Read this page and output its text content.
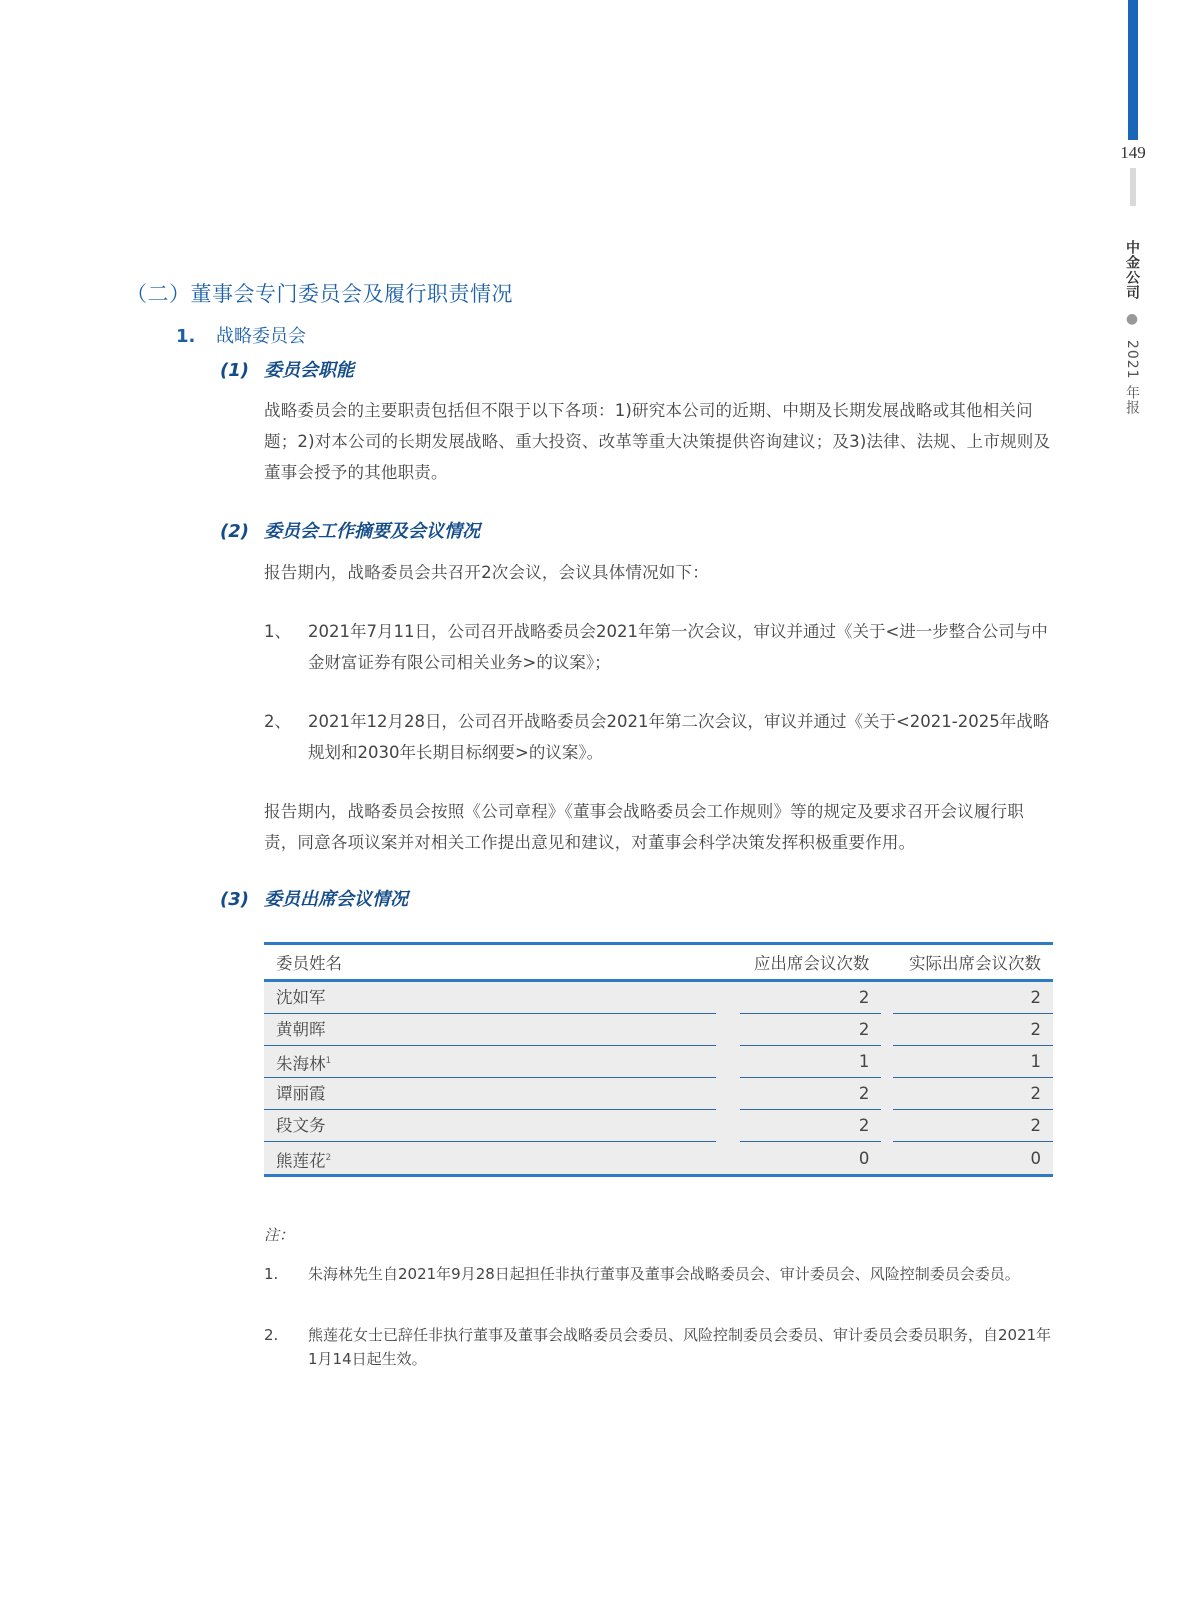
149
中金公司 ● 2021 年报
（二）董事会专门委员会及履行职责情况
1. 战略委员会
(1) 委员会职能
战略委员会的主要职责包括但不限于以下各项：1)研究本公司的近期、中期及长期发展战略或其他相关问题；2)对本公司的长期发展战略、重大投资、改革等重大决策提供咨询建议；及3)法律、法规、上市规则及董事会授予的其他职责。
(2) 委员会工作摘要及会议情况
报告期内，战略委员会共召开2次会议，会议具体情况如下：
1、 2021年7月11日，公司召开战略委员会2021年第一次会议，审议并通过《关于<进一步整合公司与中金财富证券有限公司相关业务>的议案》；
2、 2021年12月28日，公司召开战略委员会2021年第二次会议，审议并通过《关于<2021-2025年战略规划和2030年长期目标纲要>的议案》。
报告期内，战略委员会按照《公司章程》《董事会战略委员会工作规则》等的规定及要求召开会议履行职责，同意各项议案并对相关工作提出意见和建议，对董事会科学决策发挥积极重要作用。
(3) 委员出席会议情况
委员姓名	应出席会议次数	实际出席会议次数

沈如军	2	2

黄朝晖	2	2

朱海林$^1$	1	1

谭丽霞	2	2

段文务	2	2

熊莲花$^2$	0	0
注：
1. 朱海林先生自2021年9月28日起担任非执行董事及董事会战略委员会、审计委员会、风险控制委员会委员。
2. 熊莲花女士已辞任非执行董事及董事会战略委员会委员、风险控制委员会委员、审计委员会委员职务，自2021年1月14日起生效。
